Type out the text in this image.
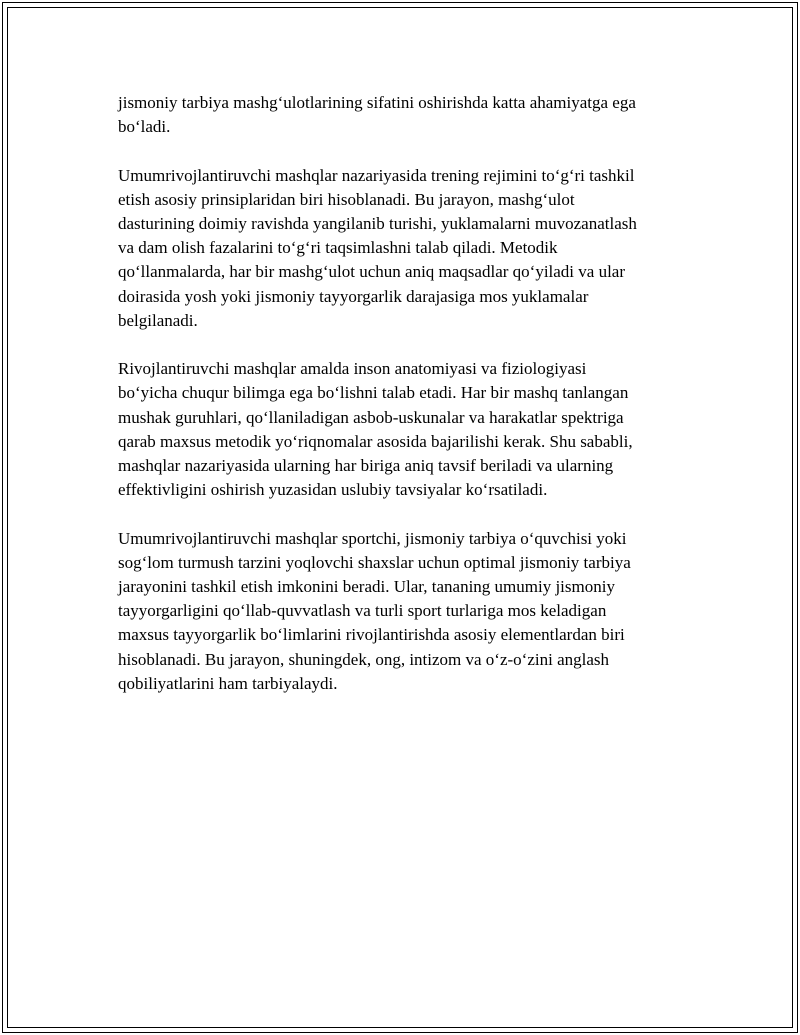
jismoniy tarbiya mashg‘ulotlarining sifatini oshirishda katta ahamiyatga ega
bo‘ladi.

Umumrivojlantiruvchi mashqlar nazariyasida trening rejimini to‘g‘ri tashkil
etish asosiy prinsiplaridan biri hisoblanadi. Bu jarayon, mashg‘ulot
dasturining doimiy ravishda yangilanib turishi, yuklamalarni muvozanatlash
va dam olish fazalarini to‘g‘ri taqsimlashni talab qiladi. Metodik
qo‘llanmalarda, har bir mashg‘ulot uchun aniq maqsadlar qo‘yiladi va ular
doirasida yosh yoki jismoniy tayyorgarlik darajasiga mos yuklamalar
belgilanadi.

Rivojlantiruvchi mashqlar amalda inson anatomiyasi va fiziologiyasi
bo‘yicha chuqur bilimga ega bo‘lishni talab etadi. Har bir mashq tanlangan
mushak guruhlari, qo‘llaniladigan asbob-uskunalar va harakatlar spektriga
qarab maxsus metodik yo‘riqnomalar asosida bajarilishi kerak. Shu sababli,
mashqlar nazariyasida ularning har biriga aniq tavsif beriladi va ularning
effektivligini oshirish yuzasidan uslubiy tavsiyalar ko‘rsatiladi.

Umumrivojlantiruvchi mashqlar sportchi, jismoniy tarbiya o‘quvchisi yoki
sog‘lom turmush tarzini yoqlovchi shaxslar uchun optimal jismoniy tarbiya
jarayonini tashkil etish imkonini beradi. Ular, tananing umumiy jismoniy
tayyorgarligini qo‘llab-quvvatlash va turli sport turlariga mos keladigan
maxsus tayyorgarlik bo‘limlarini rivojlantirishda asosiy elementlardan biri
hisoblanadi. Bu jarayon, shuningdek, ong, intizom va o‘z-o‘zini anglash
qobiliyatlarini ham tarbiyalaydi.
